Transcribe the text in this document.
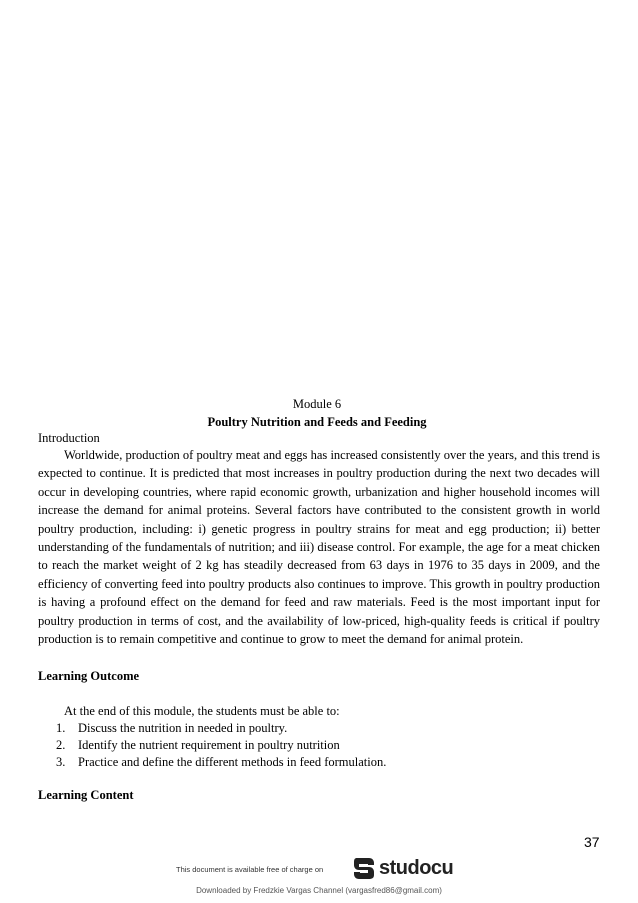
Module 6
Poultry Nutrition and Feeds and Feeding
Introduction

Worldwide, production of poultry meat and eggs has increased consistently over the years, and this trend is expected to continue. It is predicted that most increases in poultry production during the next two decades will occur in developing countries, where rapid economic growth, urbanization and higher household incomes will increase the demand for animal proteins. Several factors have contributed to the consistent growth in world poultry production, including: i) genetic progress in poultry strains for meat and egg production; ii) better understanding of the fundamentals of nutrition; and iii) disease control. For example, the age for a meat chicken to reach the market weight of 2 kg has steadily decreased from 63 days in 1976 to 35 days in 2009, and the efficiency of converting feed into poultry products also continues to improve. This growth in poultry production is having a profound effect on the demand for feed and raw materials. Feed is the most important input for poultry production in terms of cost, and the availability of low-priced, high-quality feeds is critical if poultry production is to remain competitive and continue to grow to meet the demand for animal protein.

Learning Outcome
At the end of this module, the students must be able to:
1.	Discuss the nutrition in needed in poultry.
2.	Identify the nutrient requirement in poultry nutrition
3.	Practice and define the different methods in feed formulation.
Learning Content
37
This document is available free of charge on	studocu
Downloaded by Fredzkie Vargas Channel (vargasfred86@gmail.com)
